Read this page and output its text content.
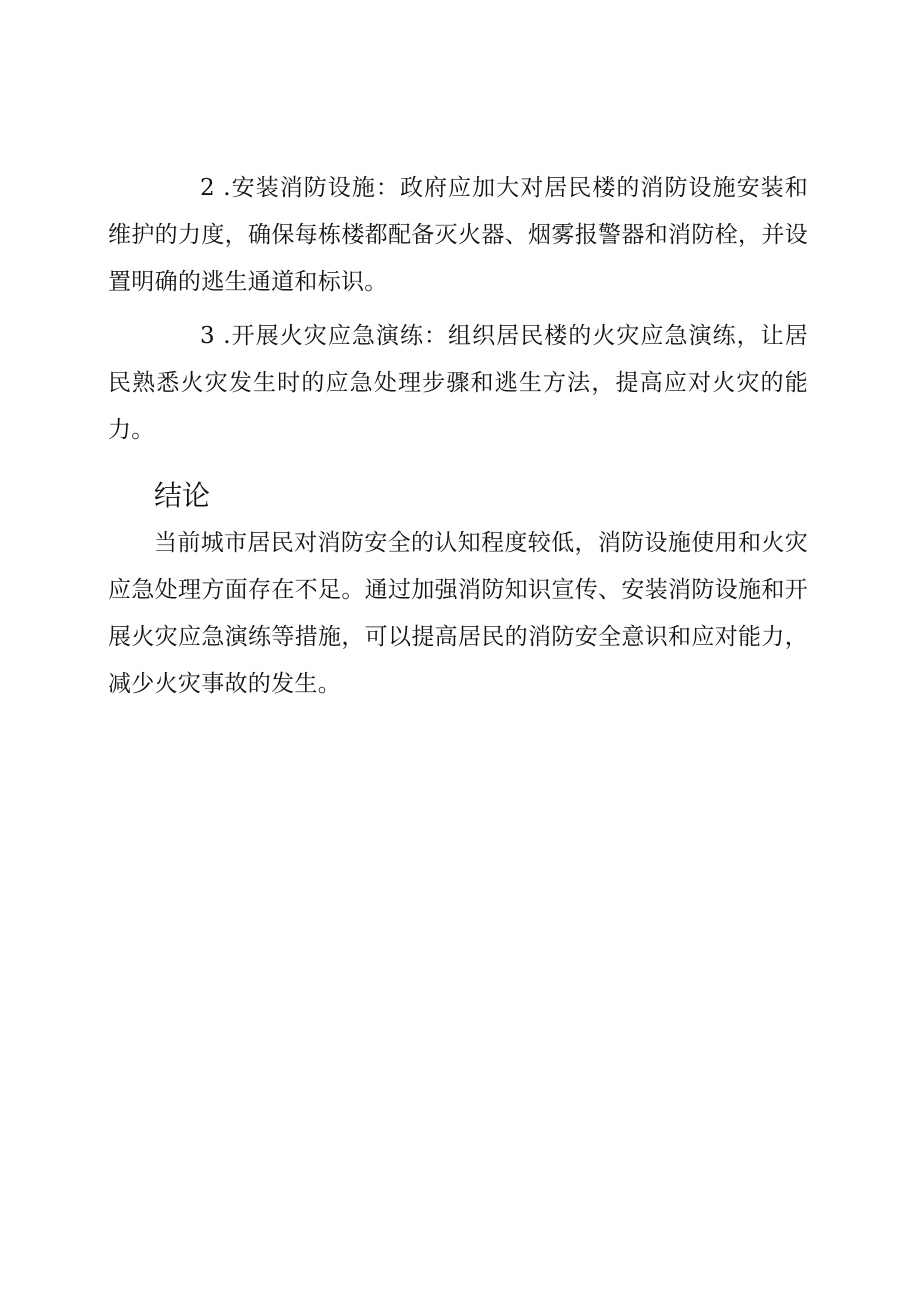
2 .安装消防设施：政府应加大对居民楼的消防设施安装和维护的力度，确保每栋楼都配备灭火器、烟雾报警器和消防栓，并设置明确的逃生通道和标识。

3 .开展火灾应急演练：组织居民楼的火灾应急演练，让居民熟悉火灾发生时的应急处理步骤和逃生方法，提高应对火灾的能力。

结论

当前城市居民对消防安全的认知程度较低，消防设施使用和火灾应急处理方面存在不足。通过加强消防知识宣传、安装消防设施和开展火灾应急演练等措施，可以提高居民的消防安全意识和应对能力，减少火灾事故的发生。
